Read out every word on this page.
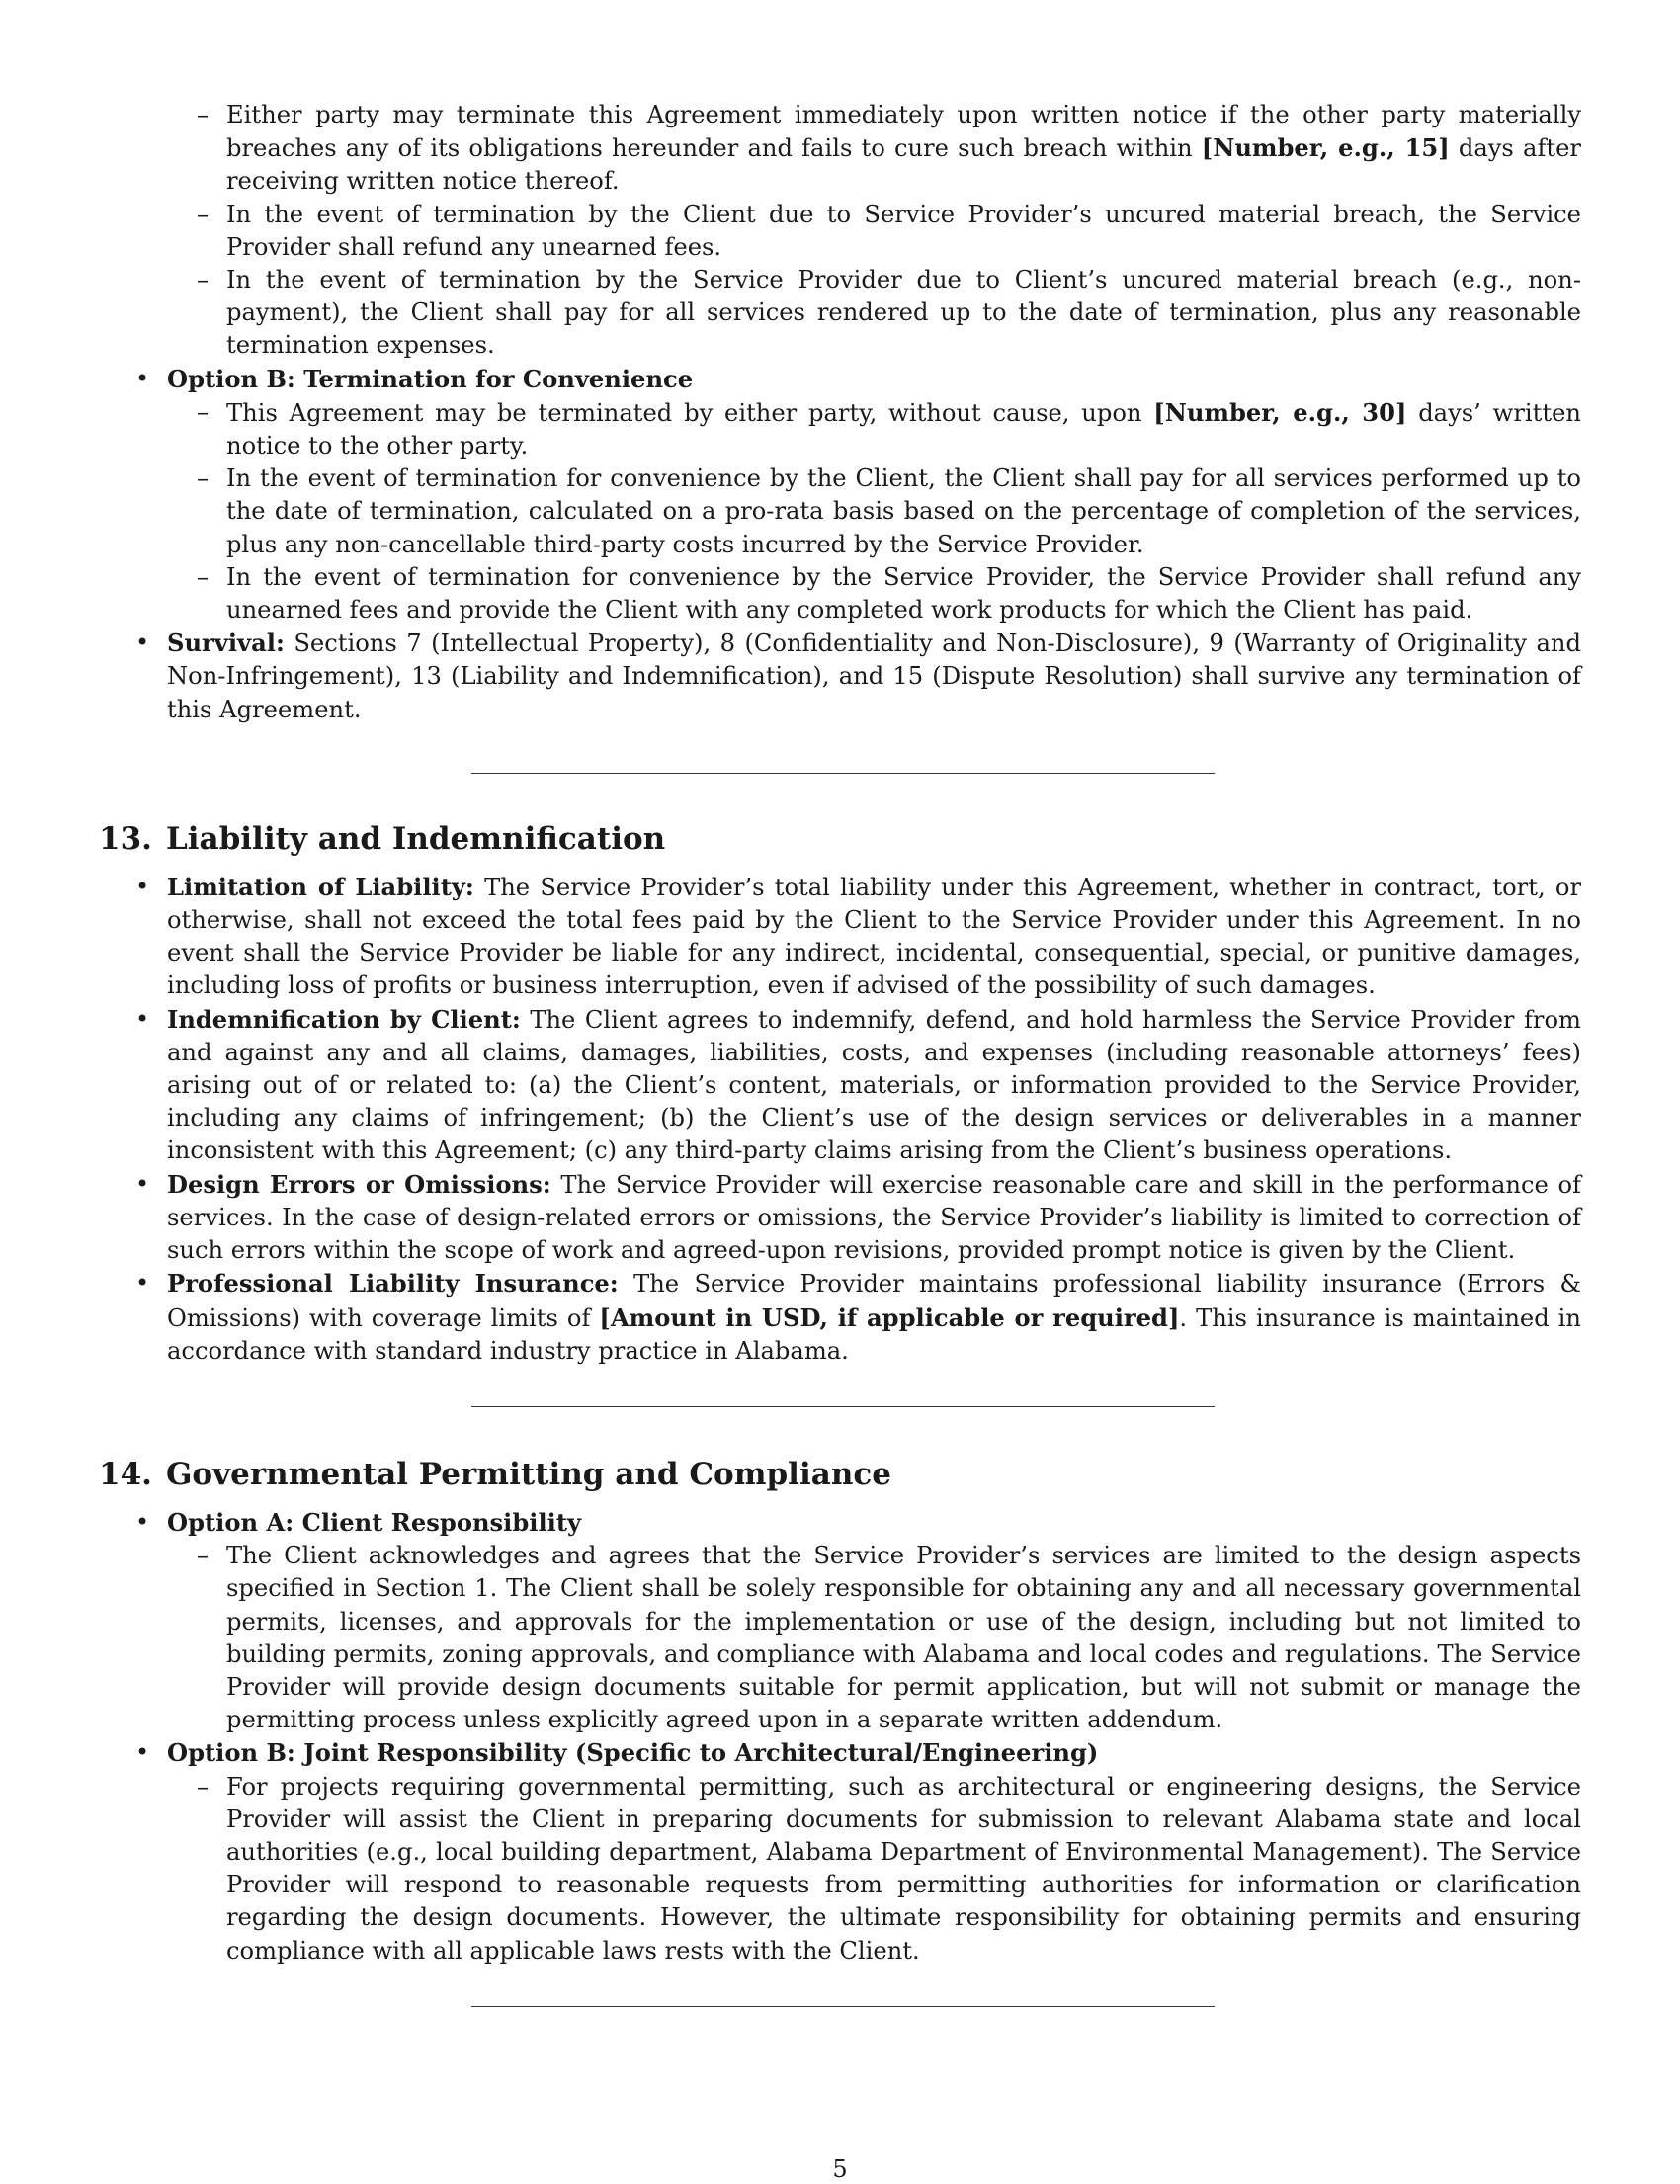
– Either party may terminate this Agreement immediately upon written notice if the other party materially breaches any of its obligations hereunder and fails to cure such breach within [Number, e.g., 15] days after receiving written notice thereof.
– In the event of termination by the Client due to Service Provider’s uncured material breach, the Service Provider shall refund any unearned fees.
– In the event of termination by the Service Provider due to Client’s uncured material breach (e.g., non-payment), the Client shall pay for all services rendered up to the date of termination, plus any reasonable termination expenses.
• Option B: Termination for Convenience
– This Agreement may be terminated by either party, without cause, upon [Number, e.g., 30] days’ written notice to the other party.
– In the event of termination for convenience by the Client, the Client shall pay for all services performed up to the date of termination, calculated on a pro-rata basis based on the percentage of completion of the services, plus any non-cancellable third-party costs incurred by the Service Provider.
– In the event of termination for convenience by the Service Provider, the Service Provider shall refund any unearned fees and provide the Client with any completed work products for which the Client has paid.
• Survival: Sections 7 (Intellectual Property), 8 (Confidentiality and Non-Disclosure), 9 (Warranty of Originality and Non-Infringement), 13 (Liability and Indemnification), and 15 (Dispute Resolution) shall survive any termination of this Agreement.
13. Liability and Indemnification
• Limitation of Liability: The Service Provider’s total liability under this Agreement, whether in contract, tort, or otherwise, shall not exceed the total fees paid by the Client to the Service Provider under this Agreement. In no event shall the Service Provider be liable for any indirect, incidental, consequential, special, or punitive damages, including loss of profits or business interruption, even if advised of the possibility of such damages.
• Indemnification by Client: The Client agrees to indemnify, defend, and hold harmless the Service Provider from and against any and all claims, damages, liabilities, costs, and expenses (including reasonable attorneys’ fees) arising out of or related to: (a) the Client’s content, materials, or information provided to the Service Provider, including any claims of infringement; (b) the Client’s use of the design services or deliverables in a manner inconsistent with this Agreement; (c) any third-party claims arising from the Client’s business operations.
• Design Errors or Omissions: The Service Provider will exercise reasonable care and skill in the performance of services. In the case of design-related errors or omissions, the Service Provider’s liability is limited to correction of such errors within the scope of work and agreed-upon revisions, provided prompt notice is given by the Client.
• Professional Liability Insurance: The Service Provider maintains professional liability insurance (Errors & Omissions) with coverage limits of [Amount in USD, if applicable or required]. This insurance is maintained in accordance with standard industry practice in Alabama.
14. Governmental Permitting and Compliance
• Option A: Client Responsibility
– The Client acknowledges and agrees that the Service Provider’s services are limited to the design aspects specified in Section 1. The Client shall be solely responsible for obtaining any and all necessary governmental permits, licenses, and approvals for the implementation or use of the design, including but not limited to building permits, zoning approvals, and compliance with Alabama and local codes and regulations. The Service Provider will provide design documents suitable for permit application, but will not submit or manage the permitting process unless explicitly agreed upon in a separate written addendum.
• Option B: Joint Responsibility (Specific to Architectural/Engineering)
– For projects requiring governmental permitting, such as architectural or engineering designs, the Service Provider will assist the Client in preparing documents for submission to relevant Alabama state and local authorities (e.g., local building department, Alabama Department of Environmental Management). The Service Provider will respond to reasonable requests from permitting authorities for information or clarification regarding the design documents. However, the ultimate responsibility for obtaining permits and ensuring compliance with all applicable laws rests with the Client.
5
